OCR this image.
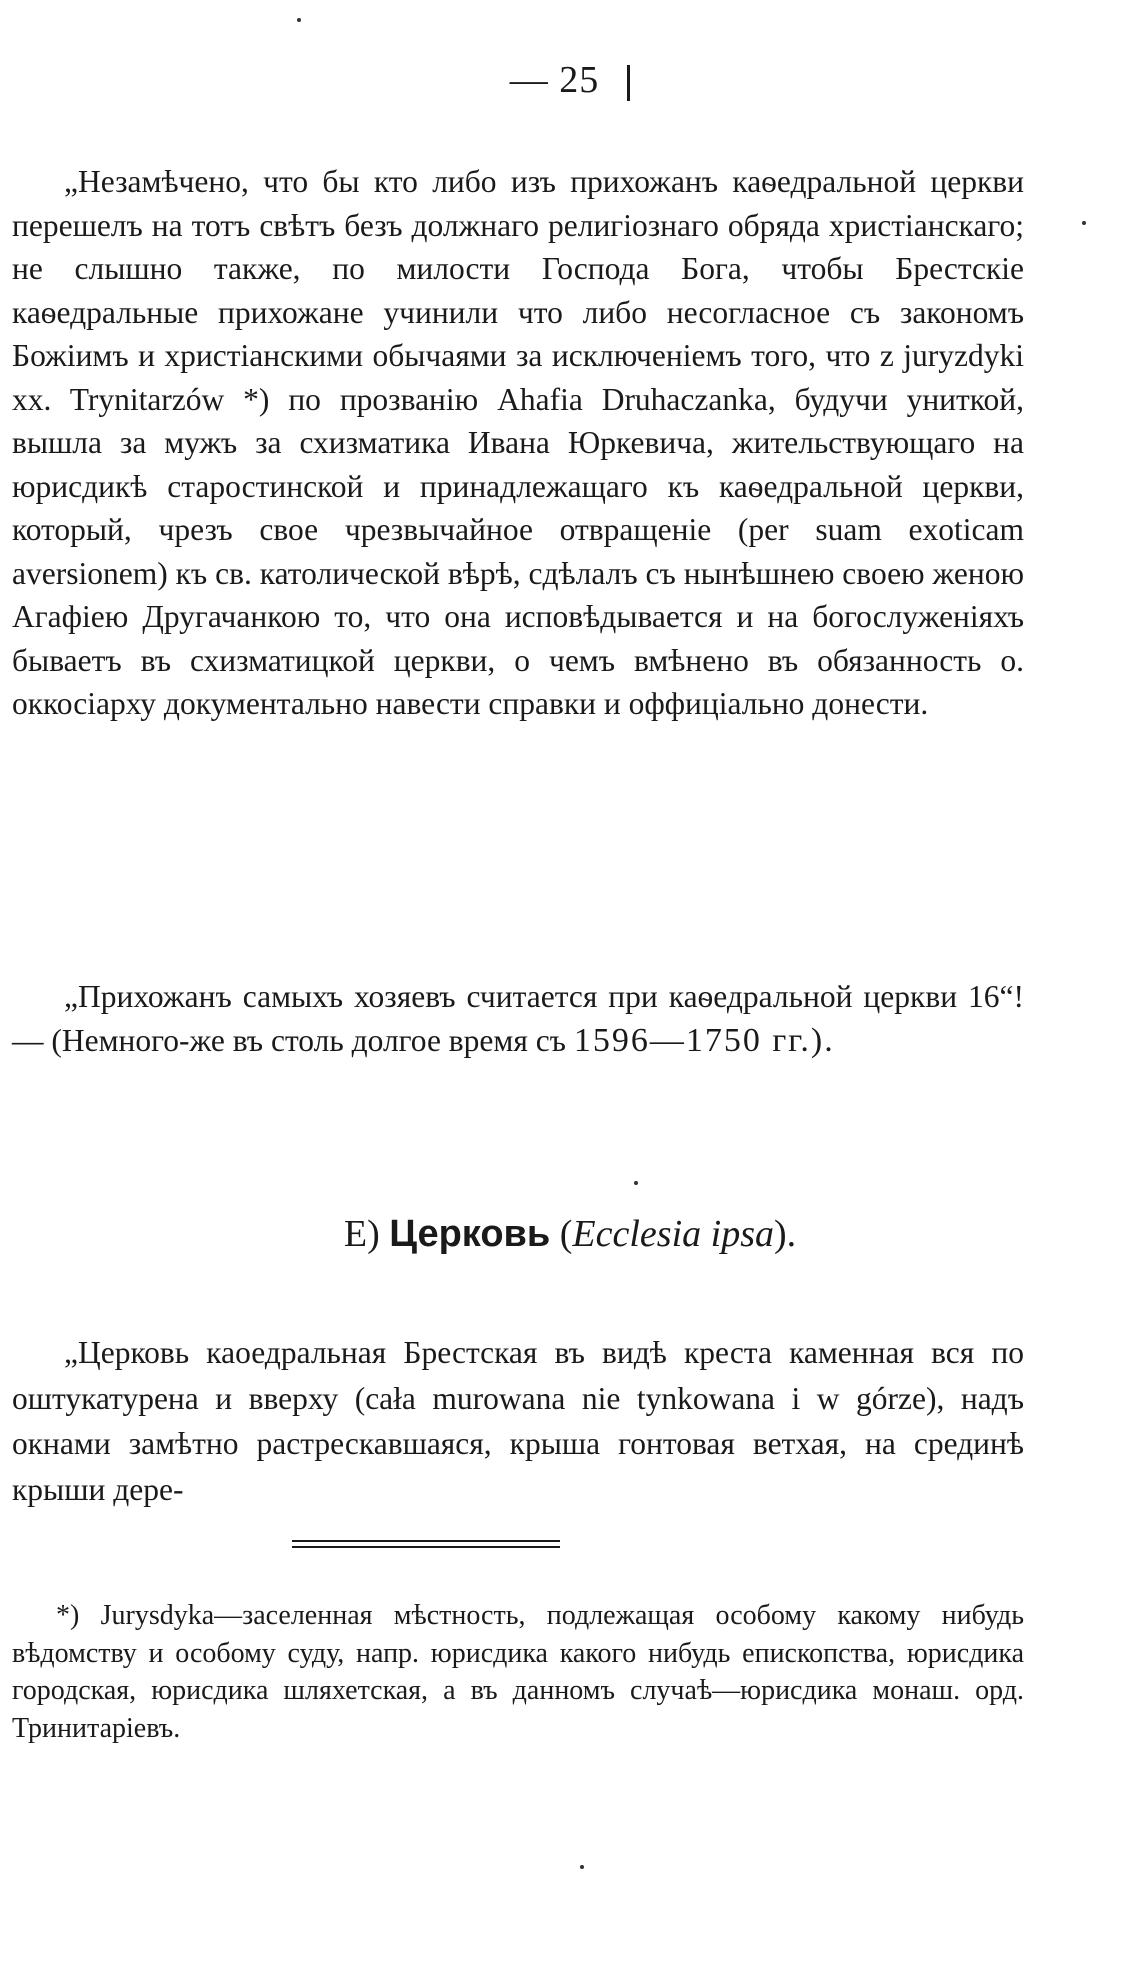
— 25

„Незамѣчено, что бы кто либо изъ прихожанъ каѳедральной церкви перешелъ на тотъ свѣтъ безъ должнаго религіознаго обряда христіанскаго; не слышно также, по милости Господа Бога, чтобы Брестскіе каѳедральные прихожане учинили что либо несогласное съ закономъ Божіимъ и христіанскими обычаями за исключеніемъ того, что z juryzdyki xx. Trynitarzów *) по прозванію Ahafia Druhaczanka, будучи униткой, вышла за мужъ за схизматика Ивана Юркевича, жительствующаго на юрисдикѣ старостинской и принадлежащаго къ каѳедральной церкви, который, чрезъ свое чрезвычайное отвращеніе (per suam exoticam aversionem) къ св. католической вѣрѣ, сдѣлалъ съ нынѣшнею своею женою Агафіею Другачанкою то, что она исповѣдывается и на богослуженіяхъ бываетъ въ схизматицкой церкви, о чемъ вмѣнено въ обязанность о. оккосіарху документально навести справки и оффиціально донести.

„Прихожанъ самыхъ хозяевъ считается при каѳедральной церкви 16“! — (Немного-же въ столь долгое время съ 1596—1750 гг.).

E) Церковь (Ecclesia ipsa).

„Церковь каоедральная Брестская въ видѣ креста каменная вся по оштукатурена и вверху (cała murowana nie tynkowana i w górze), надъ окнами замѣтно растрескавшаяся, крыша гонтовая ветхая, на срединѣ крыши дере-

*) Jurysdyka—заселенная мѣстность, подлежащая особому какому нибудь вѣдомству и особому суду, напр. юрисдика какого нибудь епископства, юрисдика городская, юрисдика шляхетская, а въ данномъ случаѣ—юрисдика монаш. орд. Тринитаріевъ.
